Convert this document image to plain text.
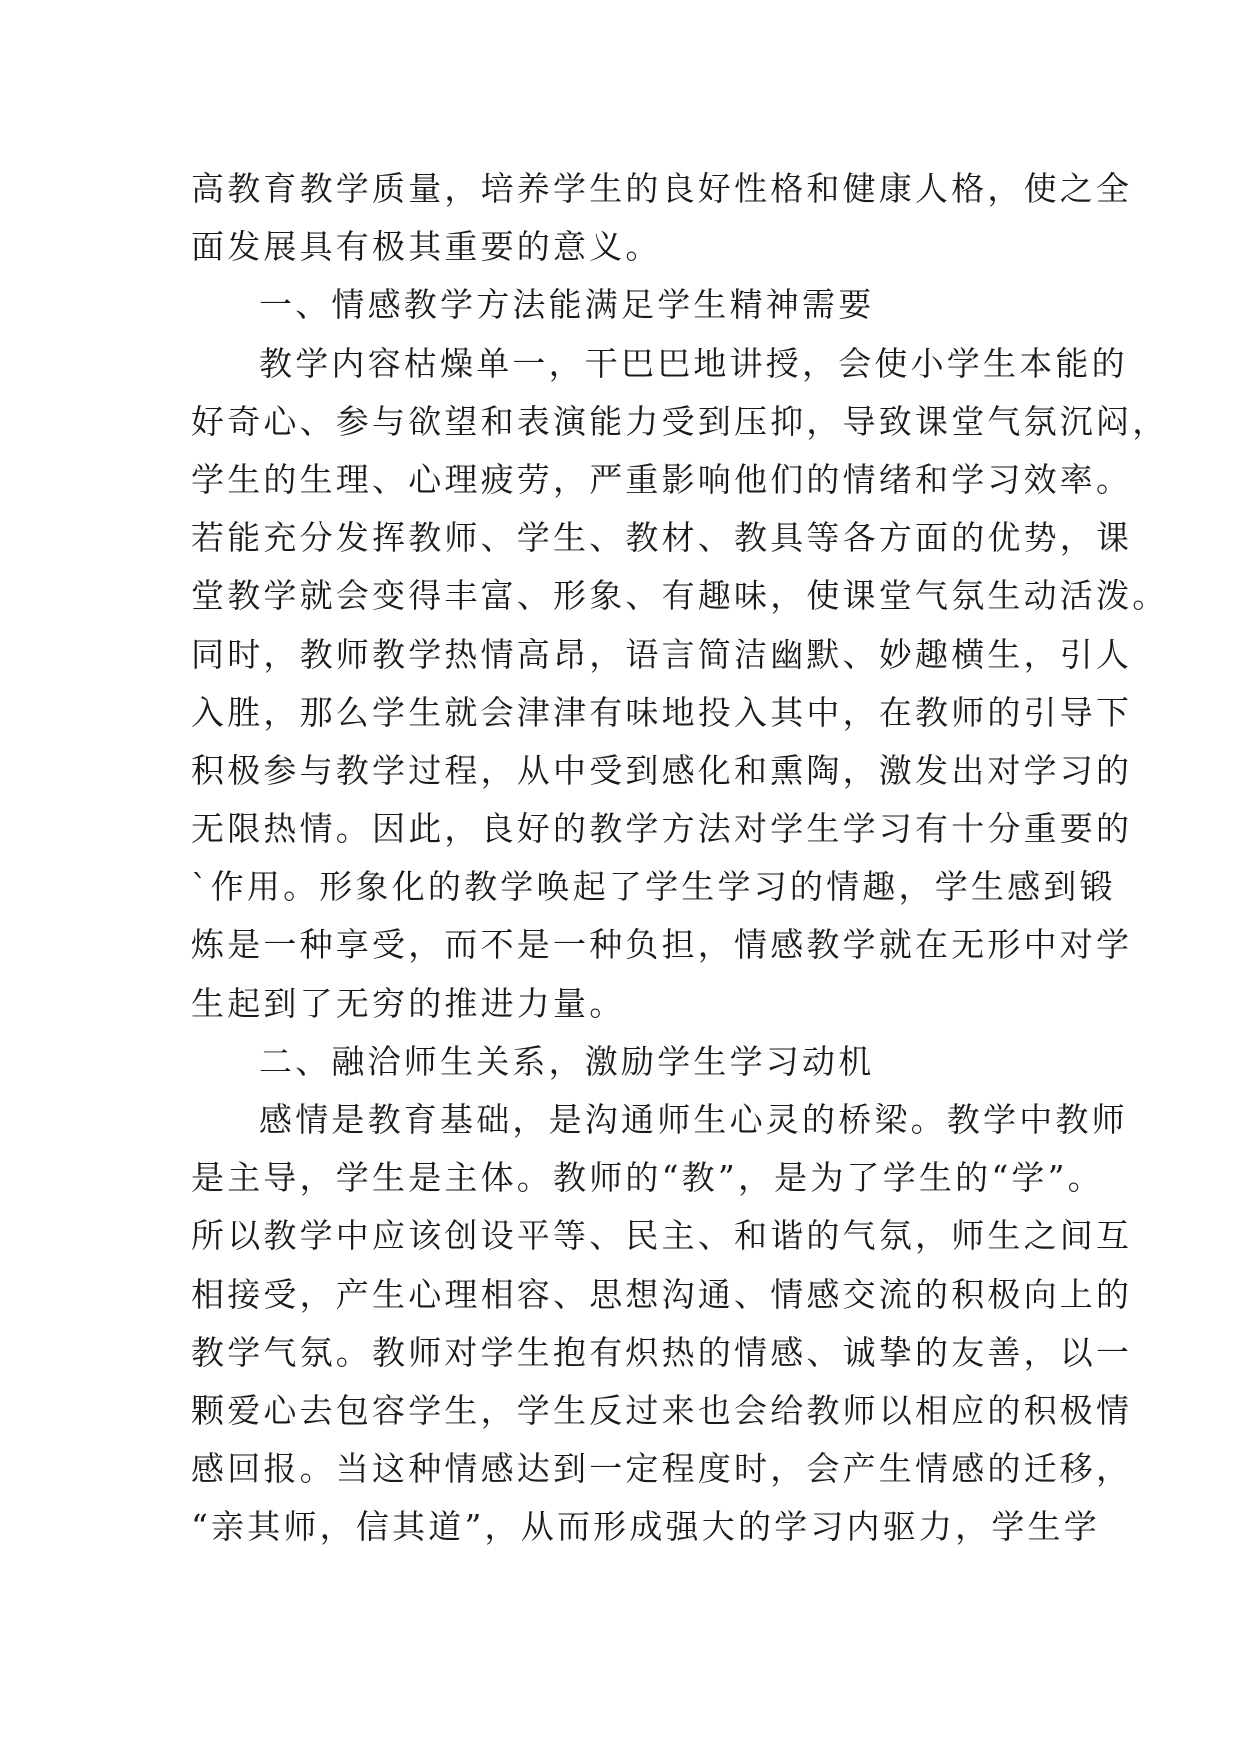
高教育教学质量，培养学生的良好性格和健康人格，使之全
面发展具有极其重要的意义。
一、情感教学方法能满足学生精神需要
教学内容枯燥单一，干巴巴地讲授，会使小学生本能的
好奇心、参与欲望和表演能力受到压抑，导致课堂气氛沉闷，
学生的生理、心理疲劳，严重影响他们的情绪和学习效率。
若能充分发挥教师、学生、教材、教具等各方面的优势，课
堂教学就会变得丰富、形象、有趣味，使课堂气氛生动活泼。
同时，教师教学热情高昂，语言简洁幽默、妙趣横生，引人
入胜，那么学生就会津津有味地投入其中，在教师的引导下
积极参与教学过程，从中受到感化和熏陶，激发出对学习的
无限热情。因此，良好的教学方法对学生学习有十分重要的
`作用。形象化的教学唤起了学生学习的情趣，学生感到锻
炼是一种享受，而不是一种负担，情感教学就在无形中对学
生起到了无穷的推进力量。
二、融洽师生关系，激励学生学习动机
感情是教育基础，是沟通师生心灵的桥梁。教学中教师
是主导，学生是主体。教师的“教”，是为了学生的“学”。
所以教学中应该创设平等、民主、和谐的气氛，师生之间互
相接受，产生心理相容、思想沟通、情感交流的积极向上的
教学气氛。教师对学生抱有炽热的情感、诚挚的友善，以一
颗爱心去包容学生，学生反过来也会给教师以相应的积极情
感回报。当这种情感达到一定程度时，会产生情感的迁移，
“亲其师，信其道”，从而形成强大的学习内驱力，学生学
